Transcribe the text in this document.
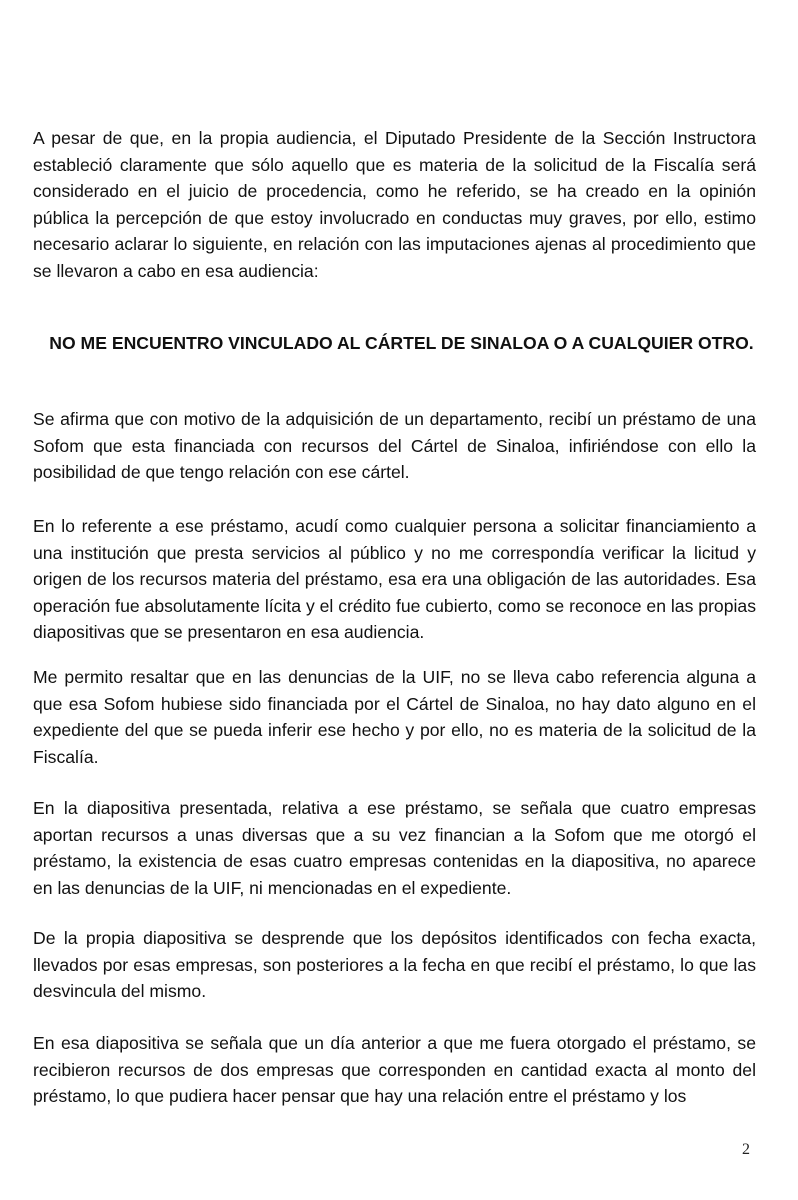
A pesar de que, en la propia audiencia, el Diputado Presidente de la Sección Instructora estableció claramente que sólo aquello que es materia de la solicitud de la Fiscalía será considerado en el juicio de procedencia, como he referido, se ha creado en la opinión pública la percepción de que estoy involucrado en conductas muy graves, por ello, estimo necesario aclarar lo siguiente, en relación con las imputaciones ajenas al procedimiento que se llevaron a cabo en esa audiencia:

NO ME ENCUENTRO VINCULADO AL CÁRTEL DE SINALOA O A CUALQUIER OTRO.

Se afirma que con motivo de la adquisición de un departamento, recibí un préstamo de una Sofom que esta financiada con recursos del Cártel de Sinaloa, infiriéndose con ello la posibilidad de que tengo relación con ese cártel.

En lo referente a ese préstamo, acudí como cualquier persona a solicitar financiamiento a una institución que presta servicios al público y no me correspondía verificar la licitud y origen de los recursos materia del préstamo, esa era una obligación de las autoridades. Esa operación fue absolutamente lícita y el crédito fue cubierto, como se reconoce en las propias diapositivas que se presentaron en esa audiencia.

Me permito resaltar que en las denuncias de la UIF, no se lleva cabo referencia alguna a que esa Sofom hubiese sido financiada por el Cártel de Sinaloa, no hay dato alguno en el expediente del que se pueda inferir ese hecho y por ello, no es materia de la solicitud de la Fiscalía.

En la diapositiva presentada, relativa a ese préstamo, se señala que cuatro empresas aportan recursos a unas diversas que a su vez financian a la Sofom que me otorgó el préstamo, la existencia de esas cuatro empresas contenidas en la diapositiva, no aparece en las denuncias de la UIF, ni mencionadas en el expediente.

De la propia diapositiva se desprende que los depósitos identificados con fecha exacta, llevados por esas empresas, son posteriores a la fecha en que recibí el préstamo, lo que las desvincula del mismo.

En esa diapositiva se señala que un día anterior a que me fuera otorgado el préstamo, se recibieron recursos de dos empresas que corresponden en cantidad exacta al monto del préstamo, lo que pudiera hacer pensar que hay una relación entre el préstamo y los

2
